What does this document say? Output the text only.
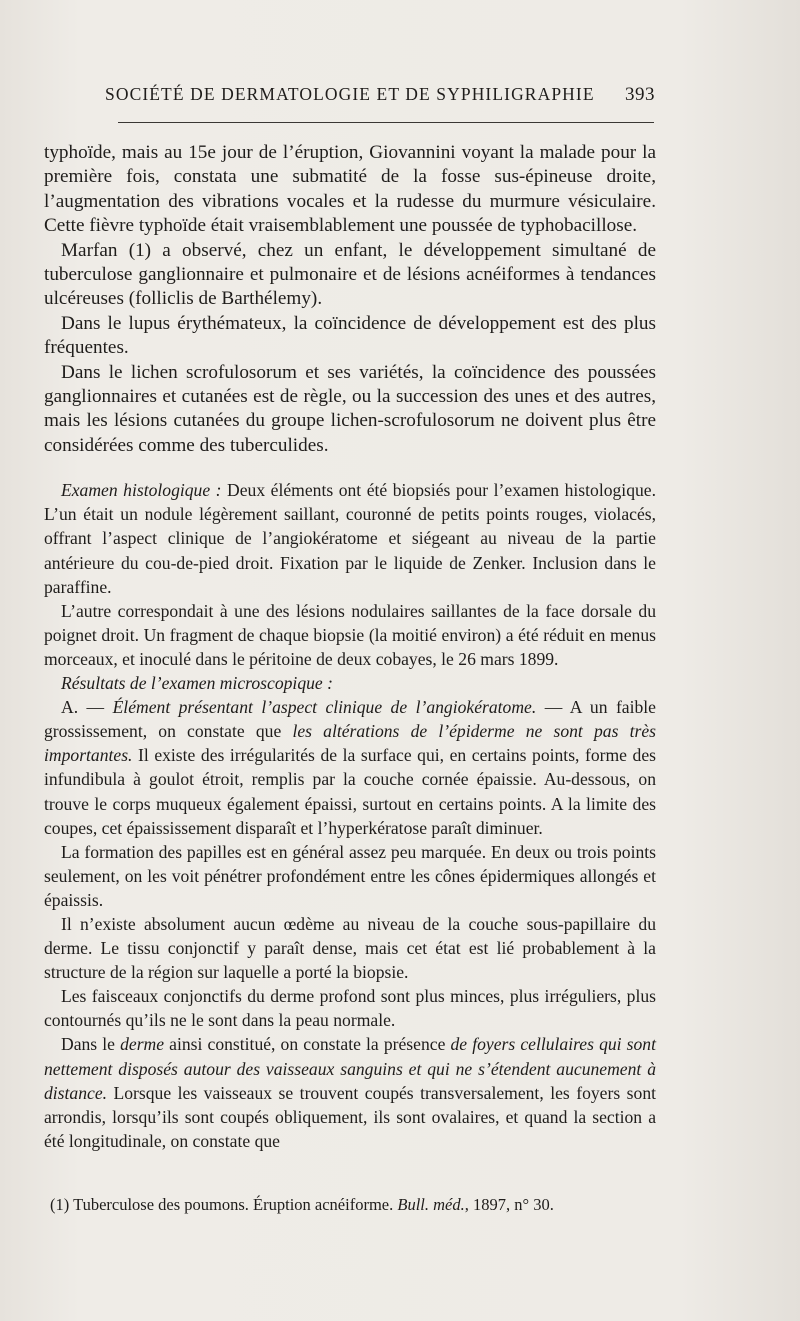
SOCIÉTÉ DE DERMATOLOGIE ET DE SYPHILIGRAPHIE 393

typhoïde, mais au 15e jour de l’éruption, Giovannini voyant la malade pour la première fois, constata une submatité de la fosse sus-épineuse droite, l’augmentation des vibrations vocales et la rudesse du murmure vésiculaire. Cette fièvre typhoïde était vraisemblablement une poussée de typhobacillose.

Marfan (1) a observé, chez un enfant, le développement simultané de tuberculose ganglionnaire et pulmonaire et de lésions acnéiformes à tendances ulcéreuses (folliclis de Barthélemy).

Dans le lupus érythémateux, la coïncidence de développement est des plus fréquentes.

Dans le lichen scrofulosorum et ses variétés, la coïncidence des poussées ganglionnaires et cutanées est de règle, ou la succession des unes et des autres, mais les lésions cutanées du groupe lichen-scrofulosorum ne doivent plus être considérées comme des tuberculides.

Examen histologique : Deux éléments ont été biopsiés pour l’examen histologique. L’un était un nodule légèrement saillant, couronné de petits points rouges, violacés, offrant l’aspect clinique de l’angiokératome et siégeant au niveau de la partie antérieure du cou-de-pied droit. Fixation par le liquide de Zenker. Inclusion dans le paraffine.

L’autre correspondait à une des lésions nodulaires saillantes de la face dorsale du poignet droit. Un fragment de chaque biopsie (la moitié environ) a été réduit en menus morceaux, et inoculé dans le péritoine de deux cobayes, le 26 mars 1899.

Résultats de l’examen microscopique :

A. — Élément présentant l’aspect clinique de l’angiokératome. — A un faible grossissement, on constate que les altérations de l’épiderme ne sont pas très importantes. Il existe des irrégularités de la surface qui, en certains points, forme des infundibula à goulot étroit, remplis par la couche cornée épaissie. Au-dessous, on trouve le corps muqueux également épaissi, surtout en certains points. A la limite des coupes, cet épaississement disparaît et l’hyperkératose paraît diminuer.

La formation des papilles est en général assez peu marquée. En deux ou trois points seulement, on les voit pénétrer profondément entre les cônes épidermiques allongés et épaissis.

Il n’existe absolument aucun œdème au niveau de la couche sous-papillaire du derme. Le tissu conjonctif y paraît dense, mais cet état est lié probablement à la structure de la région sur laquelle a porté la biopsie.

Les faisceaux conjonctifs du derme profond sont plus minces, plus irréguliers, plus contournés qu’ils ne le sont dans la peau normale.

Dans le derme ainsi constitué, on constate la présence de foyers cellulaires qui sont nettement disposés autour des vaisseaux sanguins et qui ne s’étendent aucunement à distance. Lorsque les vaisseaux se trouvent coupés transversalement, les foyers sont arrondis, lorsqu’ils sont coupés obliquement, ils sont ovalaires, et quand la section a été longitudinale, on constate que

(1) Tuberculose des poumons. Éruption acnéiforme. Bull. méd., 1897, n° 30.
